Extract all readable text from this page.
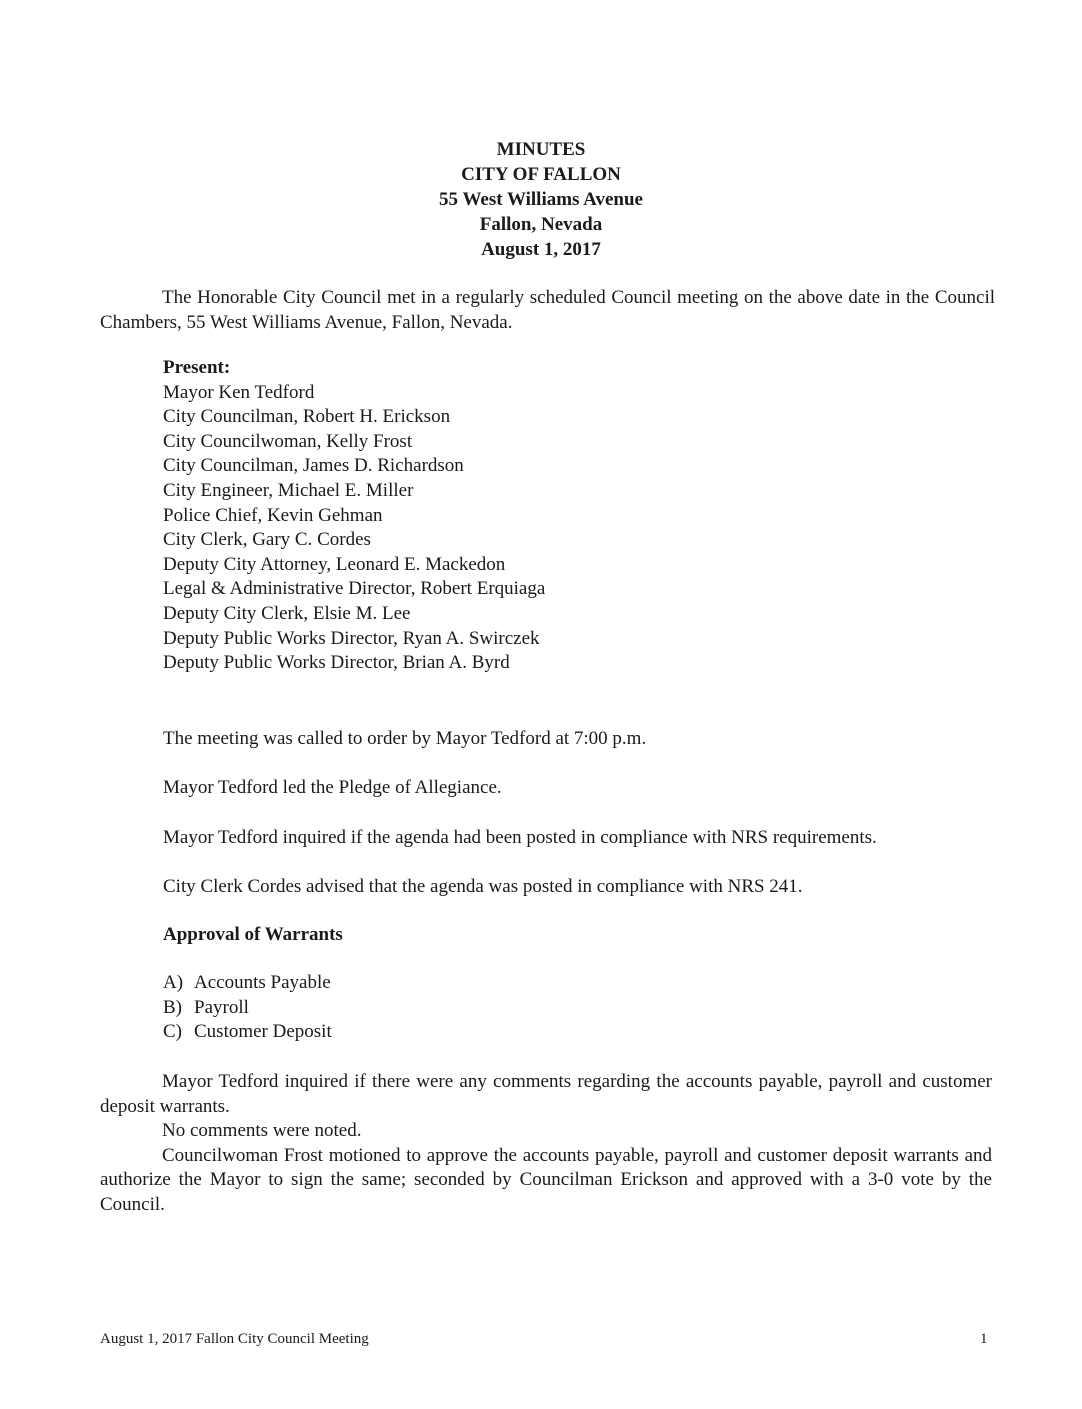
MINUTES
CITY OF FALLON
55 West Williams Avenue
Fallon, Nevada
August 1, 2017
The Honorable City Council met in a regularly scheduled Council meeting on the above date in the Council Chambers, 55 West Williams Avenue, Fallon, Nevada.
Present:
Mayor Ken Tedford
City Councilman, Robert H. Erickson
City Councilwoman, Kelly Frost
City Councilman, James D. Richardson
City Engineer, Michael E. Miller
Police Chief, Kevin Gehman
City Clerk, Gary C. Cordes
Deputy City Attorney, Leonard E. Mackedon
Legal & Administrative Director, Robert Erquiaga
Deputy City Clerk, Elsie M. Lee
Deputy Public Works Director, Ryan A. Swirczek
Deputy Public Works Director, Brian A. Byrd
The meeting was called to order by Mayor Tedford at 7:00 p.m.
Mayor Tedford led the Pledge of Allegiance.
Mayor Tedford inquired if the agenda had been posted in compliance with NRS requirements.
City Clerk Cordes advised that the agenda was posted in compliance with NRS 241.
Approval of Warrants
A) Accounts Payable
B) Payroll
C) Customer Deposit

Mayor Tedford inquired if there were any comments regarding the accounts payable, payroll and customer deposit warrants.

No comments were noted.

Councilwoman Frost motioned to approve the accounts payable, payroll and customer deposit warrants and authorize the Mayor to sign the same; seconded by Councilman Erickson and approved with a 3-0 vote by the Council.

August 1, 2017 Fallon City Council Meeting	1
